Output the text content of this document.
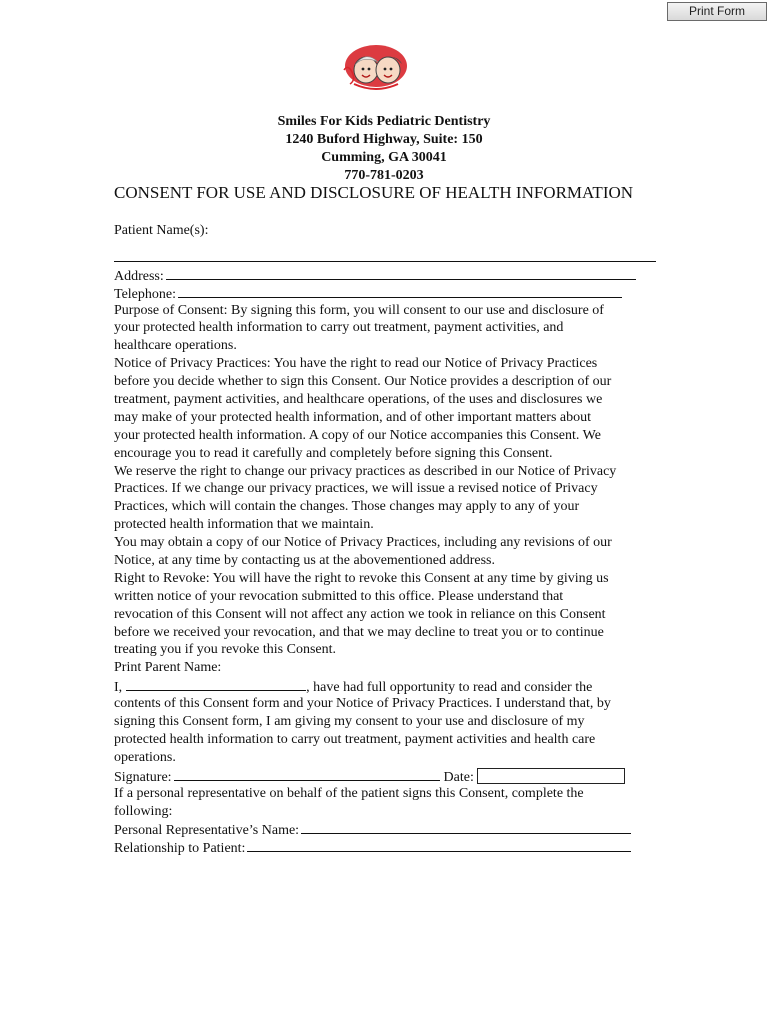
Print Form
Smiles For Kids Pediatric Dentistry
1240 Buford Highway, Suite: 150
Cumming, GA 30041
770-781-0203
CONSENT FOR USE AND DISCLOSURE OF HEALTH INFORMATION
Patient Name(s):
Address:
Telephone:
Purpose of Consent: By signing this form, you will consent to our use and disclosure of
your protected health information to carry out treatment, payment activities, and
healthcare operations.
Notice of Privacy Practices: You have the right to read our Notice of Privacy Practices
before you decide whether to sign this Consent. Our Notice provides a description of our
treatment, payment activities, and healthcare operations, of the uses and disclosures we
may make of your protected health information, and of other important matters about
your protected health information. A copy of our Notice accompanies this Consent. We
encourage you to read it carefully and completely before signing this Consent.
We reserve the right to change our privacy practices as described in our Notice of Privacy
Practices. If we change our privacy practices, we will issue a revised notice of Privacy
Practices, which will contain the changes. Those changes may apply to any of your
protected health information that we maintain.
You may obtain a copy of our Notice of Privacy Practices, including any revisions of our
Notice, at any time by contacting us at the abovementioned address.
Right to Revoke: You will have the right to revoke this Consent at any time by giving us
written notice of your revocation submitted to this office. Please understand that
revocation of this Consent will not affect any action we took in reliance on this Consent
before we received your revocation, and that we may decline to treat you or to continue
treating you if you revoke this Consent.
Print Parent Name:
I,	, have had full opportunity to read and consider the
contents of this Consent form and your Notice of Privacy Practices. I understand that, by
signing this Consent form, I am giving my consent to your use and disclosure of my
protected health information to carry out treatment, payment activities and health care
operations.
Signature:	Date:
If a personal representative on behalf of the patient signs this Consent, complete the
following:
Personal Representative’s Name:
Relationship to Patient:
